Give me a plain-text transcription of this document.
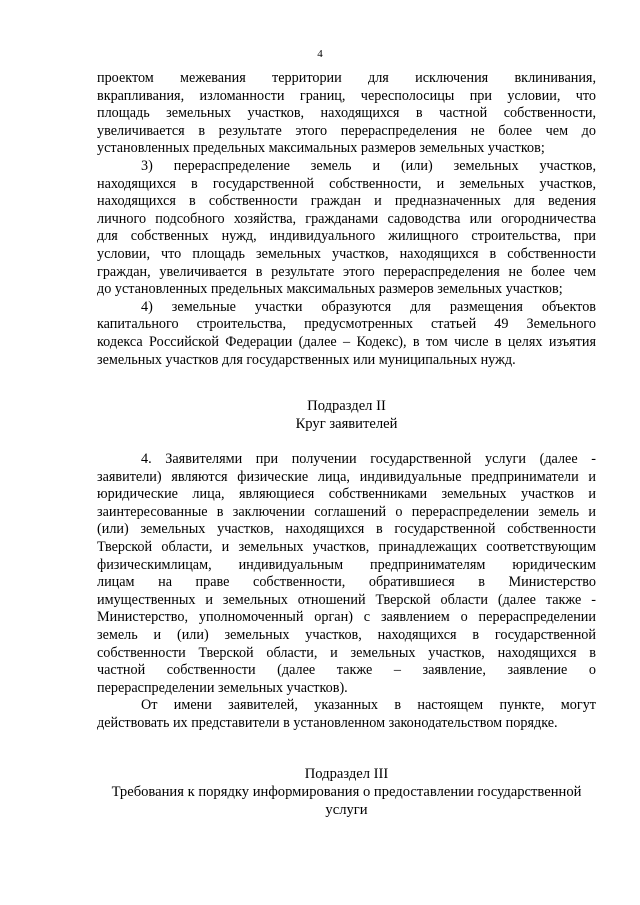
4
проектом межевания территории для исключения вклинивания,
вкрапливания, изломанности границ, чересполосицы при условии, что
площадь земельных участков, находящихся в частной собственности,
увеличивается в результате этого перераспределения не более чем до
установленных предельных максимальных размеров земельных участков;
3) перераспределение земель и (или) земельных участков,
находящихся в государственной собственности, и земельных участков,
находящихся в собственности граждан и предназначенных для ведения
личного подсобного хозяйства, гражданами садоводства или огородничества
для собственных нужд, индивидуального жилищного строительства, при
условии, что площадь земельных участков, находящихся в собственности
граждан, увеличивается в результате этого перераспределения не более чем
до установленных предельных максимальных размеров земельных участков;
4) земельные участки образуются для размещения объектов
капитального строительства, предусмотренных статьей 49 Земельного
кодекса Российской Федерации (далее – Кодекс), в том числе в целях изъятия
земельных участков для государственных или муниципальных нужд.
Подраздел II
Круг заявителей
4. Заявителями при получении государственной услуги (далее -
заявители) являются физические лица, индивидуальные предприниматели и
юридические лица, являющиеся собственниками земельных участков и
заинтересованные в заключении соглашений о перераспределении земель и
(или) земельных участков, находящихся в государственной собственности
Тверской области, и земельных участков, принадлежащих соответствующим
физическимлицам, индивидуальным предпринимателям юридическим
лицам на праве собственности, обратившиеся в Министерство
имущественных и земельных отношений Тверской области (далее также -
Министерство, уполномоченный орган) с заявлением о перераспределении
земель и (или) земельных участков, находящихся в государственной
собственности Тверской области, и земельных участков, находящихся в
частной собственности (далее также – заявление, заявление о
перераспределении земельных участков).
От имени заявителей, указанных в настоящем пункте, могут
действовать их представители в установленном законодательством порядке.
Подраздел III
Требования к порядку информирования о предоставлении государственной
услуги
